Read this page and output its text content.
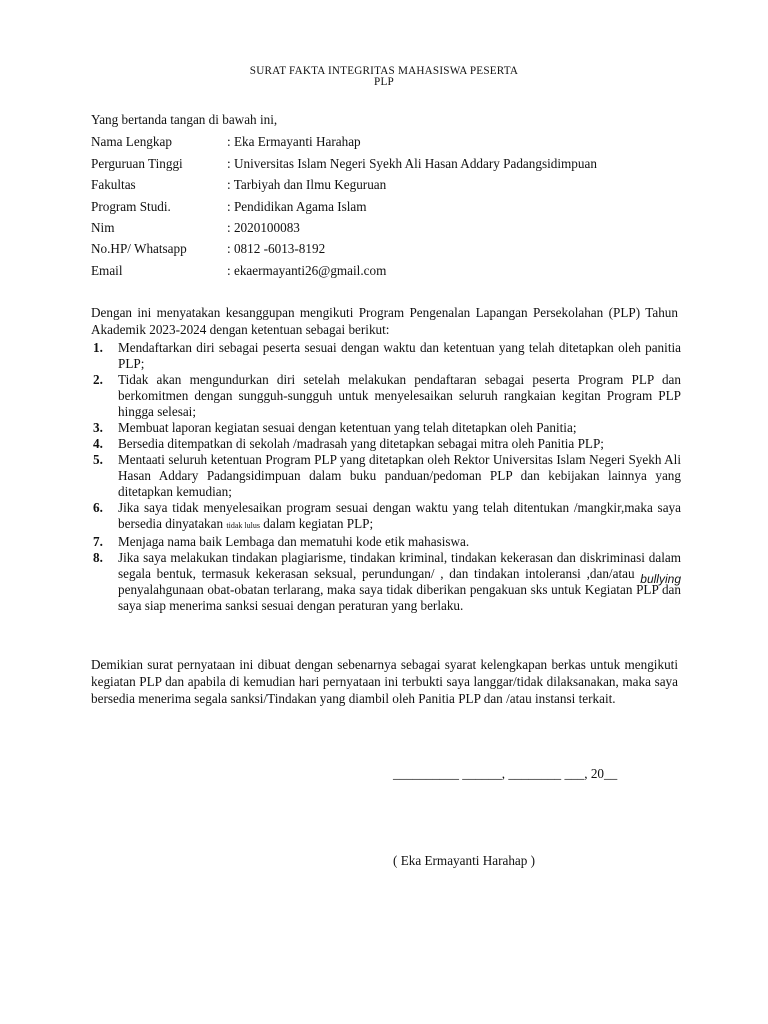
SURAT FAKTA INTEGRITAS MAHASISWA PESERTA
PLP
Yang bertanda tangan di bawah ini,
Nama Lengkap	: Eka Ermayanti Harahap
Perguruan Tinggi	: Universitas Islam Negeri Syekh Ali Hasan Addary Padangsidimpuan
Fakultas	: Tarbiyah dan Ilmu Keguruan
Program Studi.	: Pendidikan Agama Islam
Nim	: 2020100083
No.HP/ Whatsapp	: 0812 -6013-8192
Email	: ekaermayanti26@gmail.com
Dengan ini menyatakan kesanggupan mengikuti Program Pengenalan Lapangan Persekolahan (PLP) Tahun Akademik 2023-2024 dengan ketentuan sebagai berikut:
1. Mendaftarkan diri sebagai peserta sesuai dengan waktu dan ketentuan yang telah ditetapkan oleh panitia PLP;
2. Tidak akan mengundurkan diri setelah melakukan pendaftaran sebagai peserta Program PLP dan berkomitmen dengan sungguh-sungguh untuk menyelesaikan seluruh rangkaian kegitan Program PLP hingga selesai;
3. Membuat laporan kegiatan sesuai dengan ketentuan yang telah ditetapkan oleh Panitia;
4. Bersedia ditempatkan di sekolah /madrasah yang ditetapkan sebagai mitra oleh Panitia PLP;
5. Mentaati seluruh ketentuan Program PLP yang ditetapkan oleh Rektor Universitas Islam Negeri Syekh Ali Hasan Addary Padangsidimpuan dalam buku panduan/pedoman PLP dan kebijakan lainnya yang ditetapkan kemudian;
6. Jika saya tidak menyelesaikan program sesuai dengan waktu yang telah ditentukan /mangkir,maka saya bersedia dinyatakan tidak lulus dalam kegiatan PLP;
7. Menjaga nama baik Lembaga dan mematuhi kode etik mahasiswa.
8. Jika saya melakukan tindakan plagiarisme, tindakan kriminal, tindakan kekerasan dan diskriminasi dalam segala bentuk, termasuk kekerasan seksual, perundungan/ , dan tindakan intoleransi ,dan/atau bullying penyalahgunaan obat-obatan terlarang, maka saya tidak diberikan pengakuan sks untuk Kegiatan PLP dan saya siap menerima sanksi sesuai dengan peraturan yang berlaku.
Demikian surat pernyataan ini dibuat dengan sebenarnya sebagai syarat kelengkapan berkas untuk mengikuti kegiatan PLP dan apabila di kemudian hari pernyataan ini terbukti saya langgar/tidak dilaksanakan, maka saya bersedia menerima segala sanksi/Tindakan yang diambil oleh Panitia PLP dan /atau instansi terkait.
__________ ______, ________ ___, 20__
( Eka Ermayanti Harahap )
